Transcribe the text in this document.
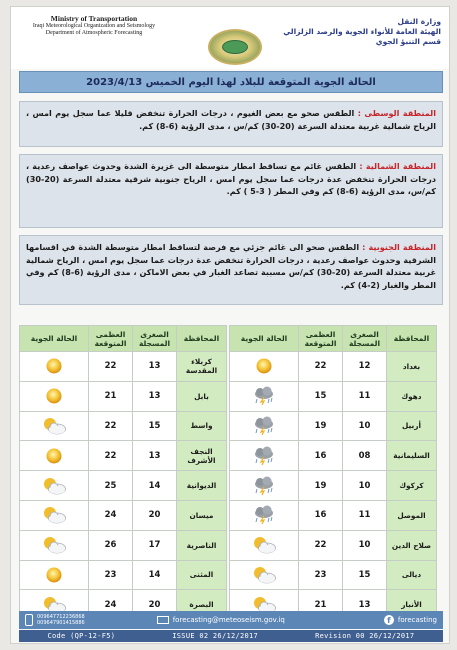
Ministry of Transportation
Iraqi Meteorological Organization and Seismology
Department of Atmospheric Forecasting
وزارة النقل
الهيئة العامة للأنواء الجوية والرصد الزلزالي
قسم التنبؤ الجوي
الحالة الجوية المتوقعة للبلاد لهذا اليوم الخميس 2023/4/13
المنطقة الوسطى : الطقس صحو مع بعض الغيوم ، درجات الحرارة تنخفض قليلا عما سجل يوم امس ، الرياح شمالية غربية معتدلة السرعة (20-30) كم/س ، مدى الرؤية (6-8) كم.
المنطقة الشمالية : الطقس غائم مع تساقط امطار متوسطة الى غزيرة الشدة وحدوث عواصف رعدية ، درجات الحرارة تنخفض عدة درجات عما سجل يوم امس ، الرياح جنوبية شرقية معتدلة السرعة (20-30) كم/س، مدى الرؤية (6-8) كم وفي المطر ( 3-5 ) كم.
المنطقة الجنوبية : الطقس صحو الى غائم جزئي مع فرصة لتساقط امطار متوسطة الشدة في اقسامها الشرقية وحدوث عواصف رعدية ، درجات الحرارة تنخفض عدة درجات عما سجل يوم امس ، الرياح شمالية غربية معتدلة السرعة (20-30) كم/س مسببة تصاعد الغبار في بعض الاماكن ، مدى الرؤية (6-8) كم وفي المطر والغبار (2-4) كم.
المحافظة	الصغرى المسجلة	العظمى المتوقعة	الحالة الجوية
بغداد	12	22	
دهوك	11	15	
أربيل	10	19	
السليمانية	08	16	
كركوك	10	19	
الموصل	11	16	
صلاح الدين	10	22	
ديالى	15	23	
الأنبار	13	21	
المحافظة	الصغرى المسجلة	العظمى المتوقعة	الحالة الجوية
كربلاء المقدسة	13	22	
بابل	13	21	
واسط	15	22	
النجف الأشرف	13	22	
الديوانية	14	25	
ميسان	20	24	
الناصرية	17	26	
المثنى	14	23	
البصرة	20	24	
009647712236868
009647901415886	forecasting@meteoseism.gov.iq	f	forecasting
Code (QP-12-F5)	ISSUE 02 26/12/2017	Revision 00 26/12/2017
